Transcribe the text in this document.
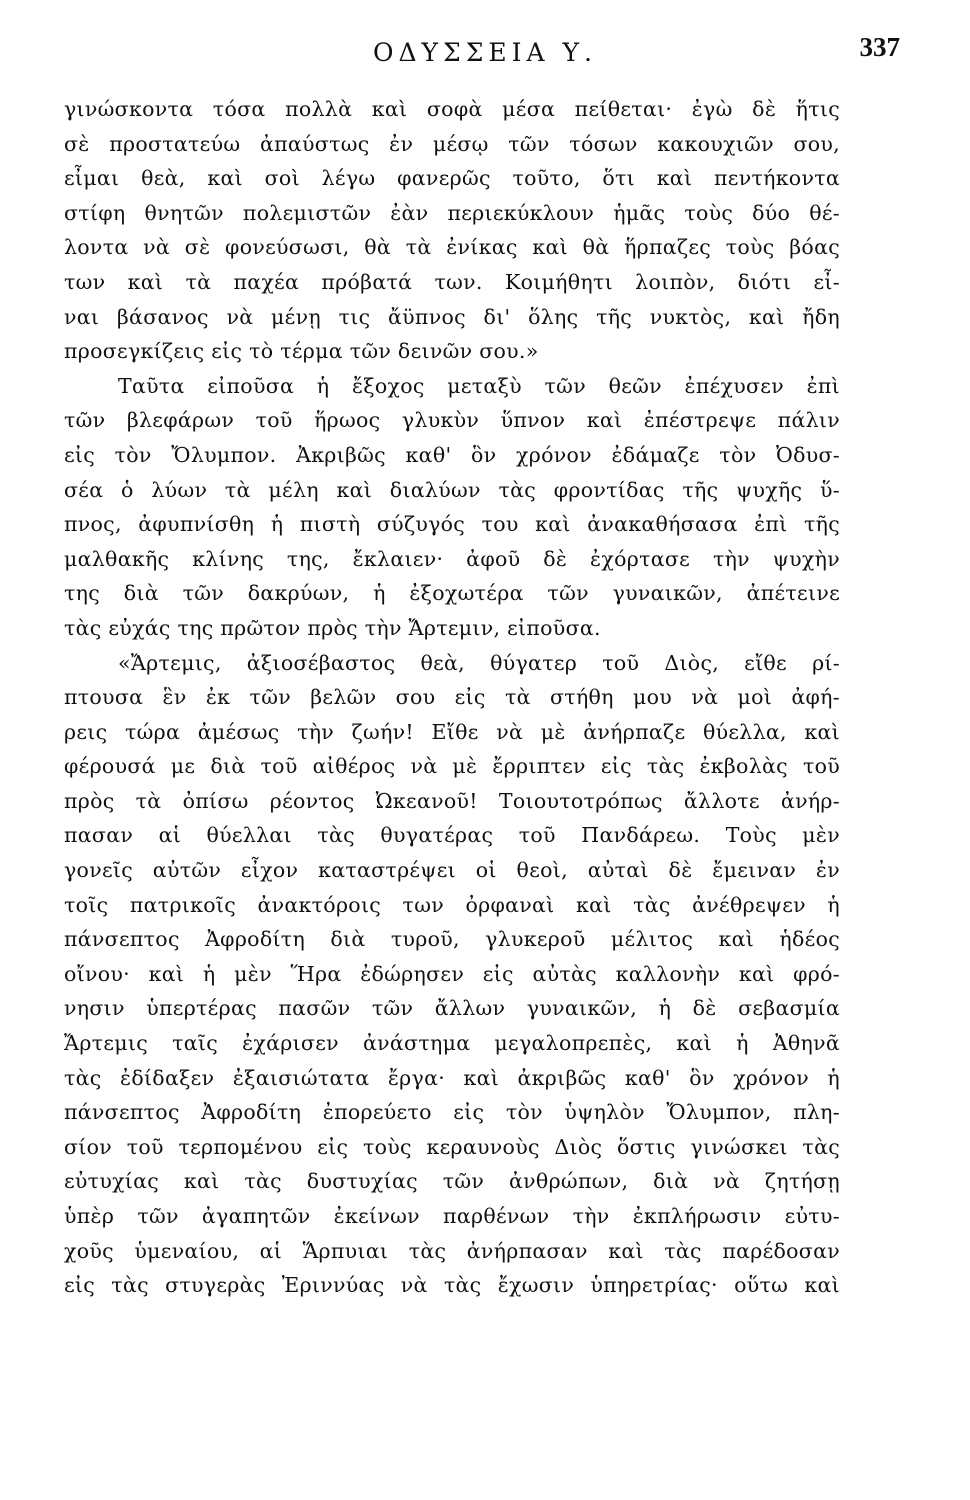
ΟΔΥΣΣΕΙΑ Υ.	337
γινώσκοντα τόσα πολλὰ καὶ σοφὰ μέσα πείθεται· ἐγὼ δὲ ἥτις
σὲ προστατεύω ἀπαύστως ἐν μέσῳ τῶν τόσων κακουχιῶν σου,
εἶμαι θεὰ, καὶ σοὶ λέγω φανερῶς τοῦτο, ὅτι καὶ πεντήκοντα
στίφη θνητῶν πολεμιστῶν ἐὰν περιεκύκλουν ἡμᾶς τοὺς δύο θέ-
λοντα νὰ σὲ φονεύσωσι, θὰ τὰ ἐνίκας καὶ θὰ ἥρπαζες τοὺς βόας
των καὶ τὰ παχέα πρόβατά των. Κοιμήθητι λοιπὸν, διότι εἶ-
ναι βάσανος νὰ μένῃ τις ἄϋπνος δι' ὅλης τῆς νυκτὸς, καὶ ἤδη
προσεγκίζεις εἰς τὸ τέρμα τῶν δεινῶν σου.»
Ταῦτα εἰποῦσα ἡ ἔξοχος μεταξὺ τῶν θεῶν ἐπέχυσεν ἐπὶ
τῶν βλεφάρων τοῦ ἥρωος γλυκὺν ὕπνον καὶ ἐπέστρεψε πάλιν
εἰς τὸν Ὄλυμπον. Ἀκριβῶς καθ' ὃν χρόνον ἐδάμαζε τὸν Ὀδυσ-
σέα ὁ λύων τὰ μέλη καὶ διαλύων τὰς φροντίδας τῆς ψυχῆς ὕ-
πνος, ἀφυπνίσθη ἡ πιστὴ σύζυγός του καὶ ἀνακαθήσασα ἐπὶ τῆς
μαλθακῆς κλίνης της, ἔκλαιεν· ἀφοῦ δὲ ἐχόρτασε τὴν ψυχὴν
της διὰ τῶν δακρύων, ἡ ἐξοχωτέρα τῶν γυναικῶν, ἀπέτεινε
τὰς εὐχάς της πρῶτον πρὸς τὴν Ἄρτεμιν, εἰποῦσα.
«Ἄρτεμις, ἀξιοσέβαστος θεὰ, θύγατερ τοῦ Διὸς, εἴθε ρί-
πτουσα ἓν ἐκ τῶν βελῶν σου εἰς τὰ στήθη μου νὰ μοὶ ἀφή-
ρεις τώρα ἀμέσως τὴν ζωήν! Εἴθε νὰ μὲ ἀνήρπαζε θύελλα, καὶ
φέρουσά με διὰ τοῦ αἰθέρος νὰ μὲ ἔρριπτεν εἰς τὰς ἐκβολὰς τοῦ
πρὸς τὰ ὀπίσω ρέοντος Ὠκεανοῦ! Τοιουτοτρόπως ἄλλοτε ἀνήρ-
πασαν αἱ θύελλαι τὰς θυγατέρας τοῦ Πανδάρεω. Τοὺς μὲν
γονεῖς αὐτῶν εἶχον καταστρέψει οἱ θεοὶ, αὐταὶ δὲ ἔμειναν ἐν
τοῖς πατρικοῖς ἀνακτόροις των ὀρφαναὶ καὶ τὰς ἀνέθρεψεν ἡ
πάνσεπτος Ἀφροδίτη διὰ τυροῦ, γλυκεροῦ μέλιτος καὶ ἡδέος
οἴνου· καὶ ἡ μὲν Ἥρα ἐδώρησεν εἰς αὐτὰς καλλονὴν καὶ φρό-
νησιν ὑπερτέρας πασῶν τῶν ἄλλων γυναικῶν, ἡ δὲ σεβασμία
Ἄρτεμις ταῖς ἐχάρισεν ἀνάστημα μεγαλοπρεπὲς, καὶ ἡ Ἀθηνᾶ
τὰς ἐδίδαξεν ἐξαισιώτατα ἔργα· καὶ ἀκριβῶς καθ' ὃν χρόνον ἡ
πάνσεπτος Ἀφροδίτη ἐπορεύετο εἰς τὸν ὑψηλὸν Ὄλυμπον, πλη-
σίον τοῦ τερπομένου εἰς τοὺς κεραυνοὺς Διὸς ὅστις γινώσκει τὰς
εὐτυχίας καὶ τὰς δυστυχίας τῶν ἀνθρώπων, διὰ νὰ ζητήσῃ
ὑπὲρ τῶν ἀγαπητῶν ἐκείνων παρθένων τὴν ἐκπλήρωσιν εὐτυ-
χοῦς ὑμεναίου, αἱ Ἅρπυιαι τὰς ἀνήρπασαν καὶ τὰς παρέδοσαν
εἰς τὰς στυγερὰς Ἐριννύας νὰ τὰς ἔχωσιν ὑπηρετρίας· οὕτω καὶ
